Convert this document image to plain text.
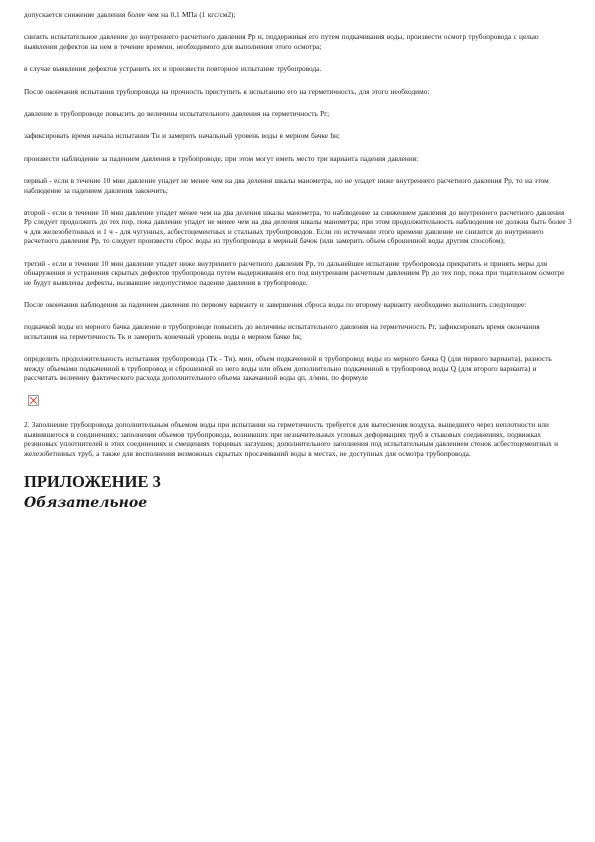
допускается снижение давления более чем на 0,1 МПа (1 кгс/см2);

снизить испытательное давление до внутреннего расчетного давления Рр и, поддерживая его путем подкачивания воды, произвести осмотр трубопровода с целью выявления дефектов на нем в течение времени, необходимого для выполнения этого осмотра;

в случае выявления дефектов устранить их и произвести повторное испытание трубопровода.

После окончания испытания трубопровода на прочность приступить к испытанию его на герметичность, для этого необходимо:

давление в трубопроводе повысить до величины испытательного давления на герметичность Рг;

зафиксировать время начала испытания Тн и замерить начальный уровень воды в мерном бачке hн;

произвести наблюдение за падением давления в трубопроводе, при этом могут иметь место три варианта падения давления:

первый - если в течение 10 мин давление упадет не менее чем на два деления шкалы манометра, но не упадет ниже внутреннего расчетного давления Рр, то на этом наблюдение за падением давления закончить;

второй - если в течение 10 мин давление упадет менее чем на два деления шкалы манометра, то наблюдение за снижением давления до внутреннего расчетного давления Рр следует продолжить до тех пор, пока давление упадет не менее чем на два деления шкалы манометра; при этом продолжительность наблюдения не должна быть более 3 ч для железобетонных и 1 ч - для чугунных, асбестоцементных и стальных трубопроводов. Если по истечении этого времени давление не снизится до внутреннего расчетного давления Рр, то следует произвести сброс воды из трубопровода в мерный бачок (или замерить объем сброшенной воды другим способом);

третий - если в течение 10 мин давление упадет ниже внутреннего расчетного давления Рр, то дальнейшее испытание трубопровода прекратить и принять меры для обнаружения и устранения скрытых дефектов трубопровода путем выдерживания его под внутренним расчетным давлением Рр до тех пор, пока при тщательном осмотре не будут выявлены дефекты, вызвавшие недопустимое падение давления в трубопроводе.

После окончания наблюдения за падением давления по первому варианту и завершения сброса воды по второму варианту необходимо выполнить следующее:

подкачкой воды из мерного бачка давление в трубопроводе повысить до величины испытательного давления на герметичность Рг, зафиксировать время окончания испытания на герметичность Тк и замерить конечный уровень воды в мерном бачке hк;

определить продолжительность испытания трубопровода (Тк - Тн), мин, объем подкаченной в трубопровод воды из мерного бачка Q (для первого варианта), разность между объемами подкаченной в трубопровод и сброшенной из него воды или объем дополнительно подкаченной в трубопровод воды Q (для второго варианта) и рассчитать величину фактического расхода дополнительного объема закачанной воды qп, л/мин, по формуле

2. Заполнение трубопровода дополнительным объемом воды при испытании на герметичность требуется для вытеснения воздуха, вышедшего через неплотности или выявившегося в соединениях; заполнения объемов трубопровода, возникших при незначительных угловых деформациях труб в стыковых соединениях, подвижках резиновых уплотнителей в этих соединениях и смещениях торцевых заглушек; дополнительного заполнения под испытательным давлением стенок асбестоцементных и железобетонных труб, а также для восполнения возможных скрытых просачиваний воды в местах, не доступных для осмотра трубопровода.

ПРИЛОЖЕНИЕ 3
Обязательное
